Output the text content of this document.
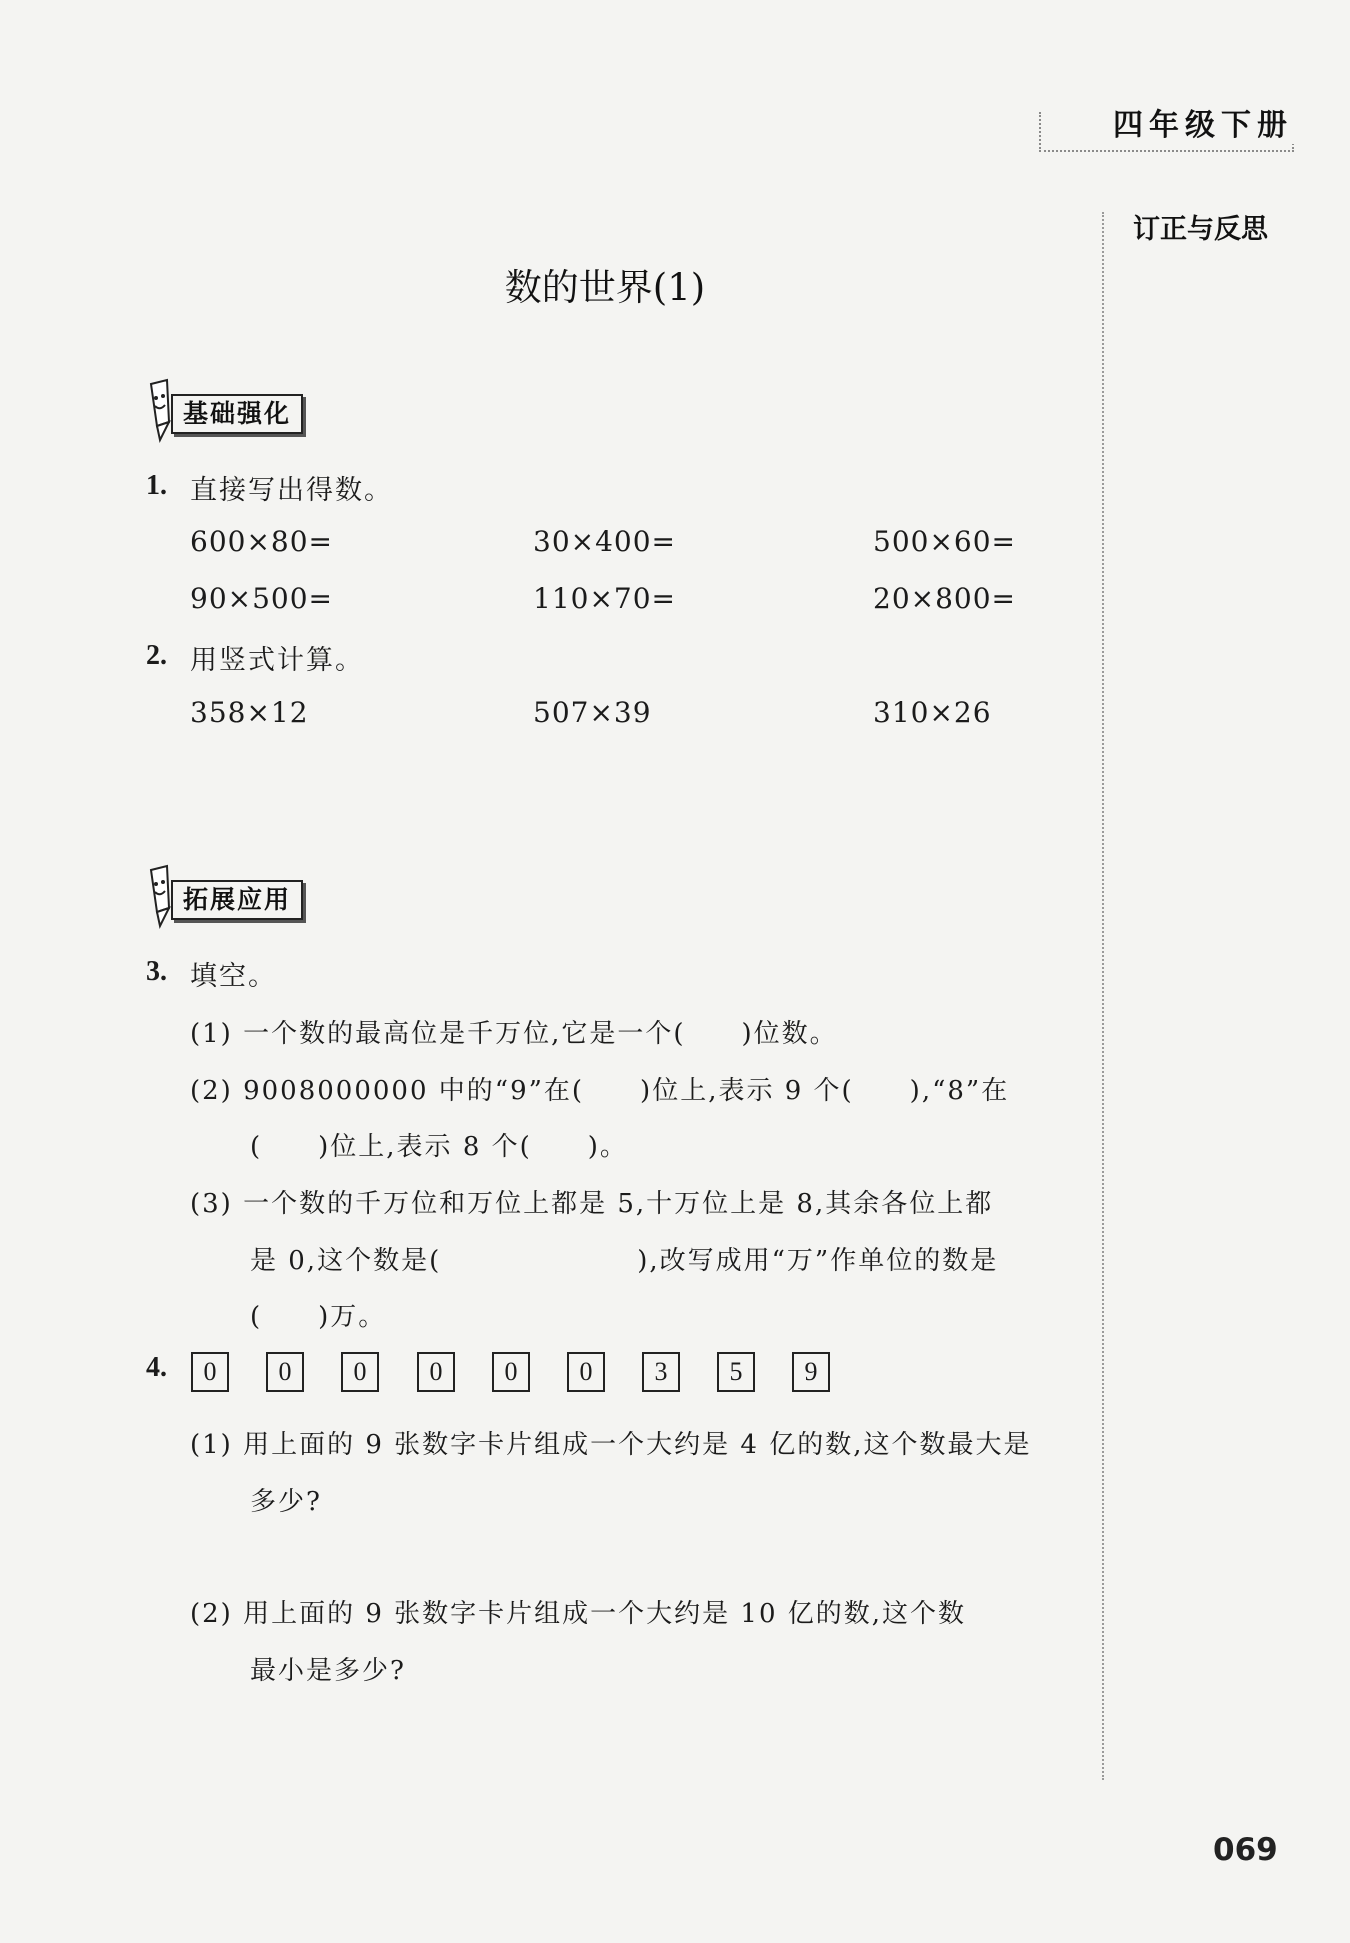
四年级下册
订正与反思
数的世界(1)
基础强化
1. 直接写出得数。
600×80=	30×400=	500×60=
90×500=	110×70=	20×800=
2. 用竖式计算。
358×12	507×39	310×26
拓展应用
3. 填空。
(1) 一个数的最高位是千万位,它是一个(　　)位数。
(2) 9008000000 中的“9”在(　　)位上,表示 9 个(　　),“8”在
(　　)位上,表示 8 个(　　)。
(3) 一个数的千万位和万位上都是 5,十万位上是 8,其余各位上都
是 0,这个数是(　　　　　　　),改写成用“万”作单位的数是
(　　)万。
4.	0	0	0	0	0	0	3	5	9
(1) 用上面的 9 张数字卡片组成一个大约是 4 亿的数,这个数最大是
多少?
(2) 用上面的 9 张数字卡片组成一个大约是 10 亿的数,这个数
最小是多少?
069
